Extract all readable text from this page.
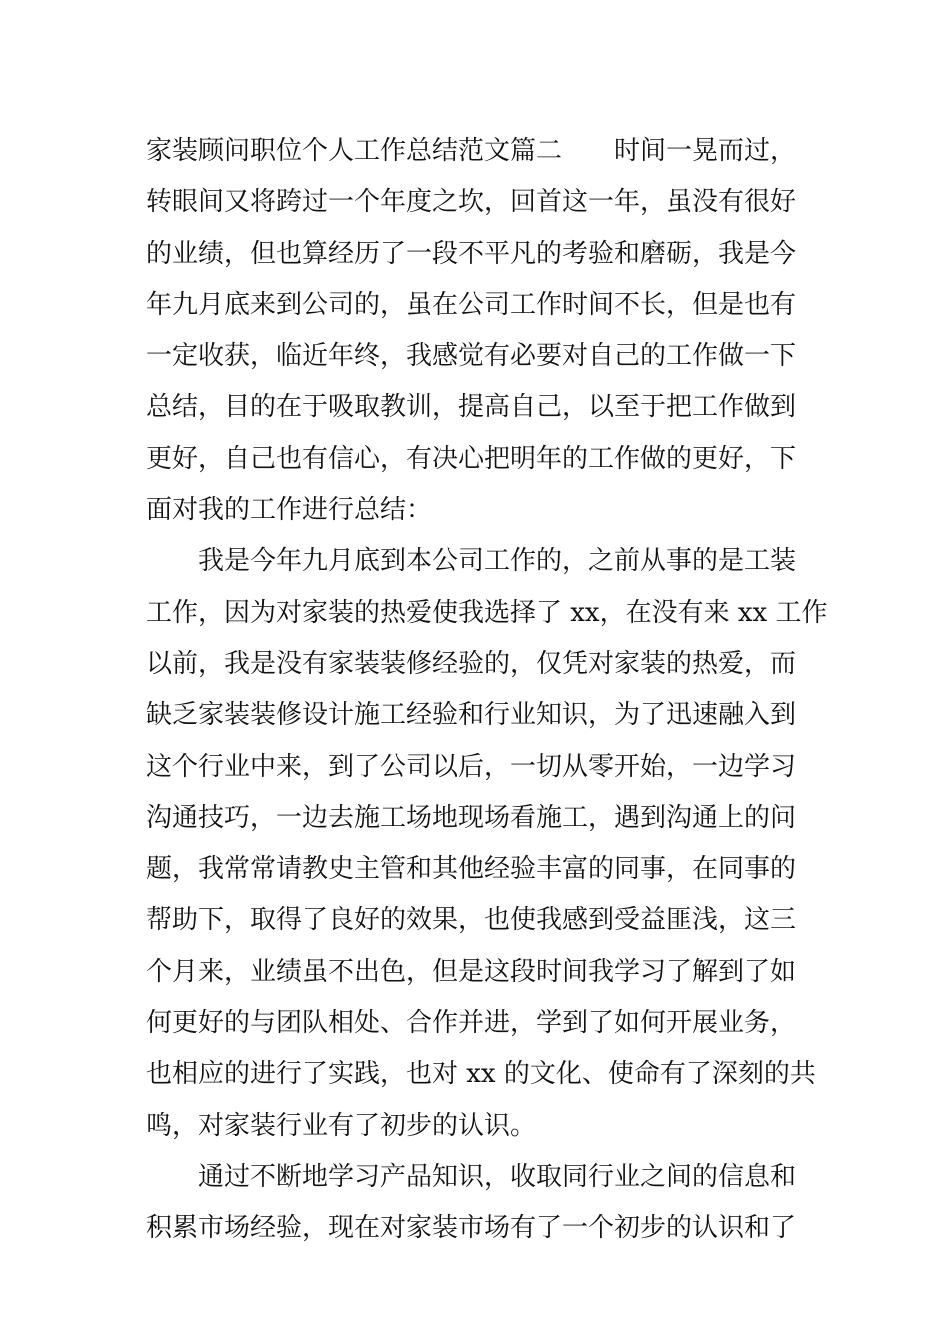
家装顾问职位个人工作总结范文篇二　　时间一晃而过，
转眼间又将跨过一个年度之坎，回首这一年，虽没有很好
的业绩，但也算经历了一段不平凡的考验和磨砺，我是今
年九月底来到公司的，虽在公司工作时间不长，但是也有
一定收获，临近年终，我感觉有必要对自己的工作做一下
总结，目的在于吸取教训，提高自己，以至于把工作做到
更好，自己也有信心，有决心把明年的工作做的更好，下
面对我的工作进行总结：
　　我是今年九月底到本公司工作的，之前从事的是工装
工作，因为对家装的热爱使我选择了 xx，在没有来 xx 工作
以前，我是没有家装装修经验的，仅凭对家装的热爱，而
缺乏家装装修设计施工经验和行业知识，为了迅速融入到
这个行业中来，到了公司以后，一切从零开始，一边学习
沟通技巧，一边去施工场地现场看施工，遇到沟通上的问
题，我常常请教史主管和其他经验丰富的同事，在同事的
帮助下，取得了良好的效果，也使我感到受益匪浅，这三
个月来，业绩虽不出色，但是这段时间我学习了解到了如
何更好的与团队相处、合作并进，学到了如何开展业务，
也相应的进行了实践，也对 xx 的文化、使命有了深刻的共
鸣，对家装行业有了初步的认识。
　　通过不断地学习产品知识，收取同行业之间的信息和
积累市场经验，现在对家装市场有了一个初步的认识和了
